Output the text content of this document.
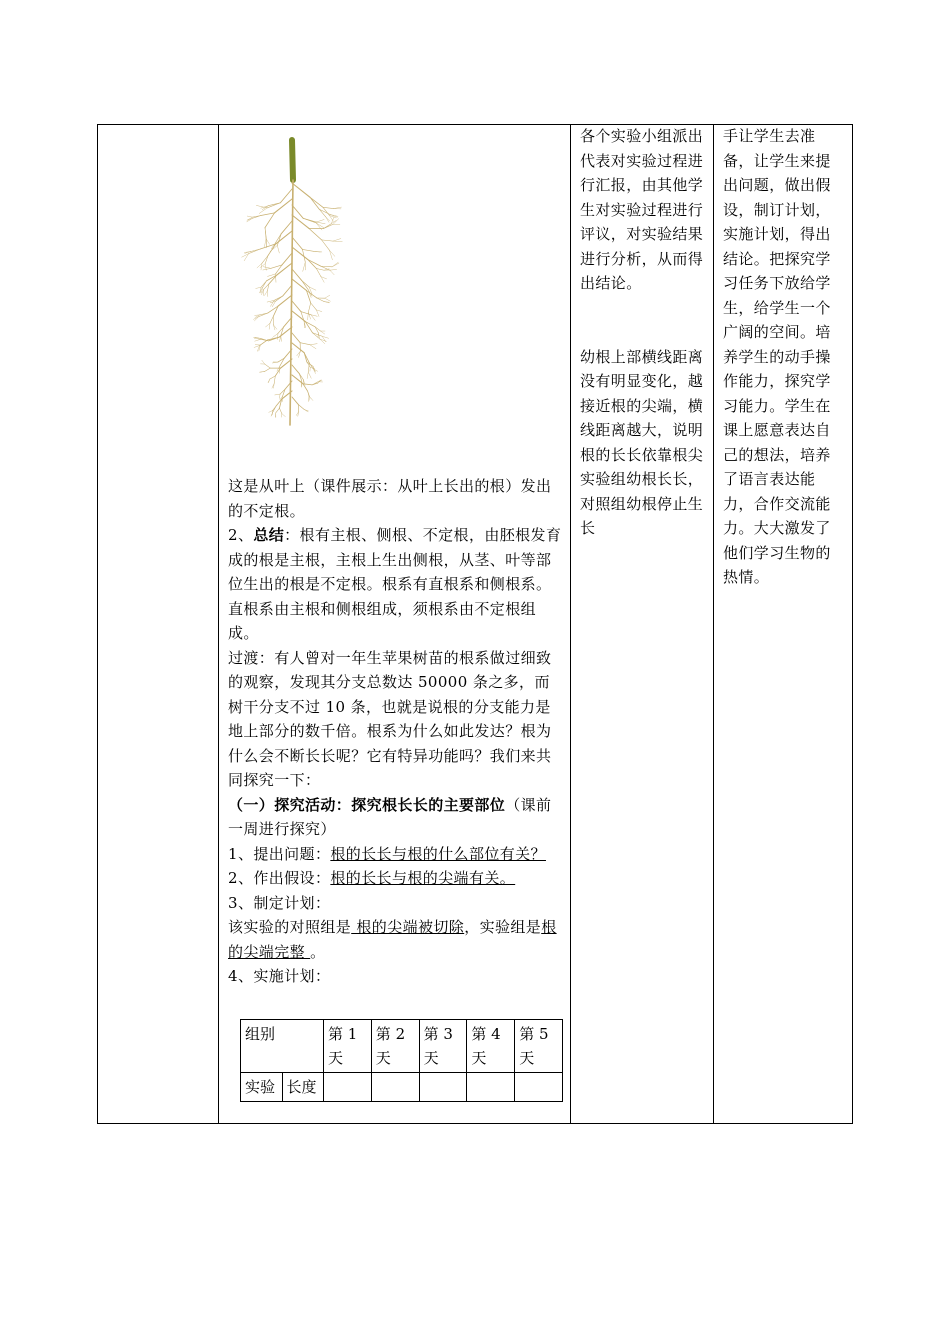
这是从叶上（课件展示：从叶上长出的根）发出的不定根。

2、总结：根有主根、侧根、不定根，由胚根发育成的根是主根，主根上生出侧根，从茎、叶等部位生出的根是不定根。根系有直根系和侧根系。直根系由主根和侧根组成，须根系由不定根组成。

过渡：有人曾对一年生苹果树苗的根系做过细致的观察，发现其分支总数达 50000 条之多，而树干分支不过 10 条，也就是说根的分支能力是地上部分的数千倍。根系为什么如此发达？根为什么会不断长长呢？它有特异功能吗？我们来共同探究一下：

（一）探究活动：探究根长长的主要部位（课前一周进行探究）

1、提出问题：根的长长与根的什么部位有关？

2、作出假设：根的长长与根的尖端有关。

3、制定计划：

该实验的对照组是 根的尖端被切除，实验组是根的尖端完整 。

4、实施计划：

组别		第 1 天	第 2 天	第 3 天	第 4 天	第 5 天
实验	长度					

各个实验小组派出代表对实验过程进行汇报，由其他学生对实验过程进行评议，对实验结果进行分析，从而得出结论。

幼根上部横线距离没有明显变化，越接近根的尖端，横线距离越大，说明根的长长依靠根尖

实验组幼根长长，对照组幼根停止生长

手让学生去准备，让学生来提出问题，做出假设，制订计划，实施计划，得出结论。把探究学习任务下放给学生，给学生一个广阔的空间。培养学生的动手操作能力，探究学习能力。学生在课上愿意表达自己的想法，培养了语言表达能力，合作交流能力。大大激发了他们学习生物的热情。
